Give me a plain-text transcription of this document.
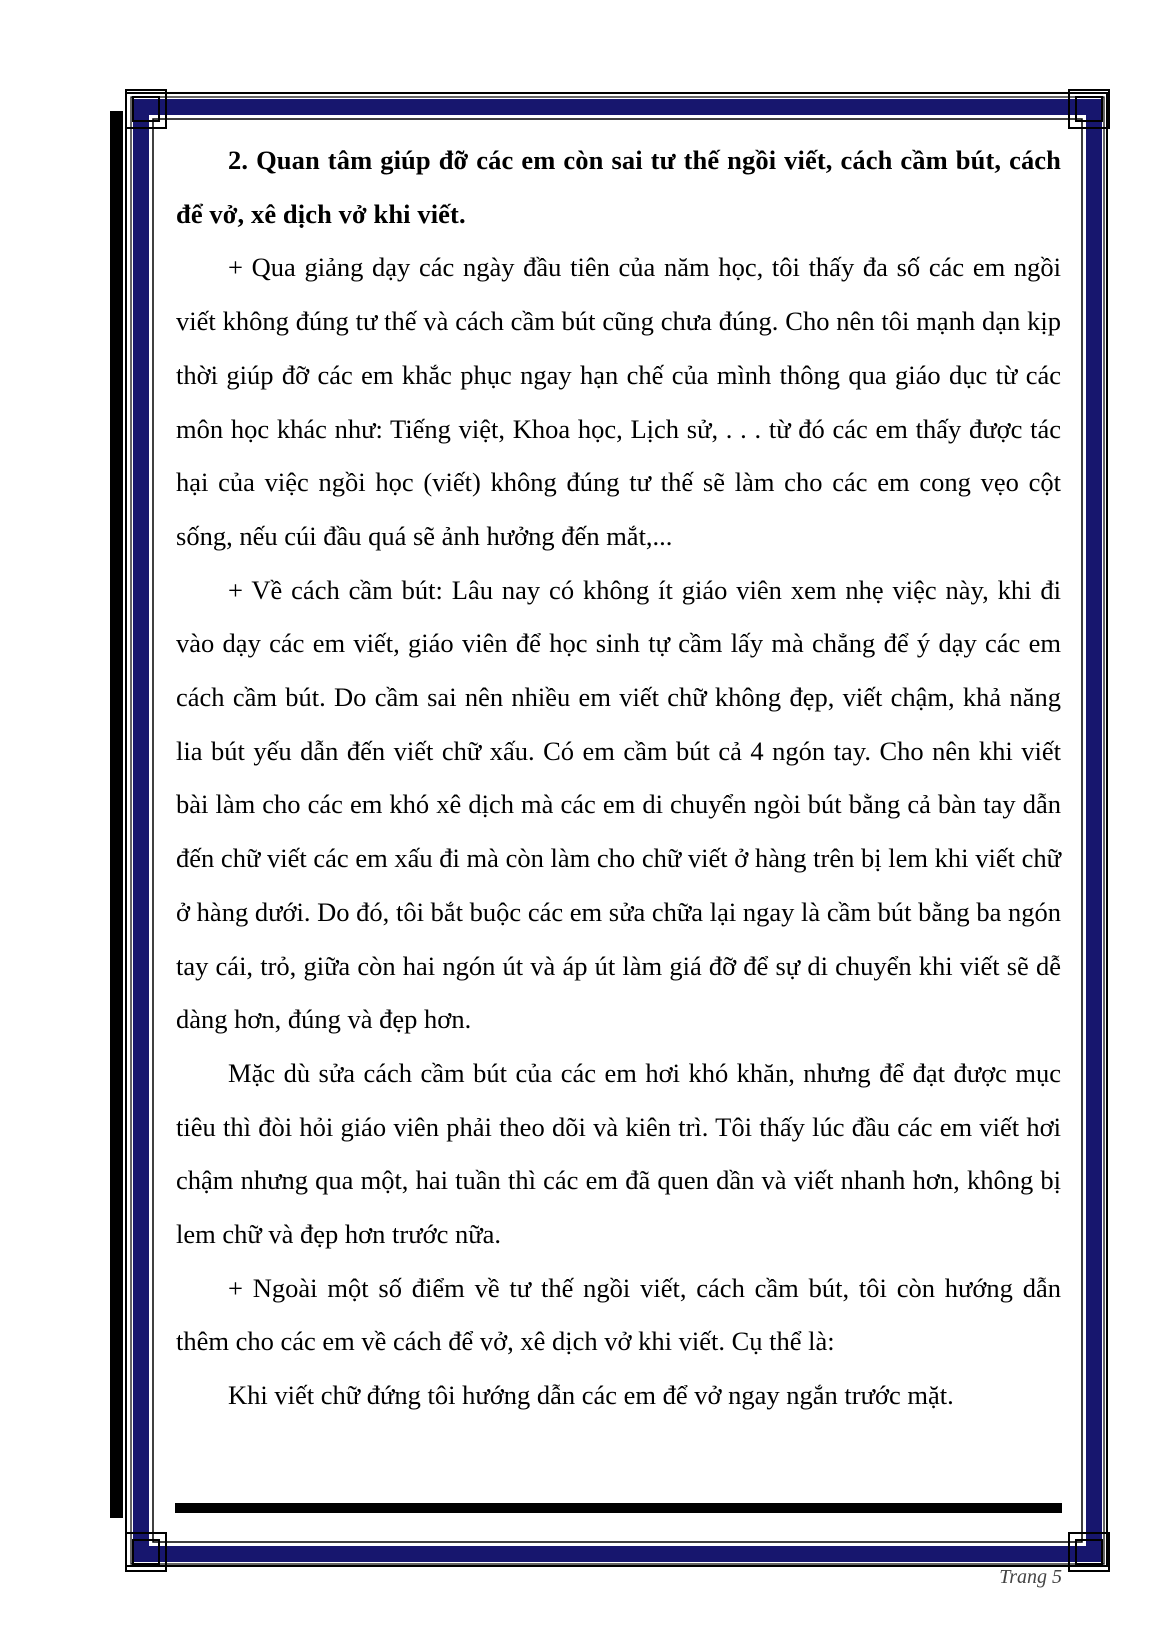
2. Quan tâm giúp đỡ các em còn sai tư thế ngồi viết, cách cầm bút, cách để vở, xê dịch vở khi viết.

+ Qua giảng dạy các ngày đầu tiên của năm học, tôi thấy đa số các em ngồi viết không đúng tư thế và cách cầm bút cũng chưa đúng. Cho nên tôi mạnh dạn kịp thời giúp đỡ các em khắc phục ngay hạn chế của mình thông qua giáo dục từ các môn học khác như: Tiếng việt, Khoa học, Lịch sử, . . . từ đó các em thấy được tác hại của việc ngồi học (viết) không đúng tư thế sẽ làm cho các em cong vẹo cột sống, nếu cúi đầu quá sẽ ảnh hưởng đến mắt,...

+ Về cách cầm bút: Lâu nay có không ít giáo viên xem nhẹ việc này, khi đi vào dạy các em viết, giáo viên để học sinh tự cầm lấy mà chẳng để ý dạy các em cách cầm bút. Do cầm sai nên nhiều em viết chữ không đẹp, viết chậm, khả năng lia bút yếu dẫn đến viết chữ xấu. Có em cầm bút cả 4 ngón tay. Cho nên khi viết bài làm cho các em khó xê dịch mà các em di chuyển ngòi bút bằng cả bàn tay dẫn đến chữ viết các em xấu đi mà còn làm cho chữ viết ở hàng trên bị lem khi viết chữ ở hàng dưới. Do đó, tôi bắt buộc các em sửa chữa lại ngay là cầm bút bằng ba ngón tay cái, trỏ, giữa còn hai ngón út và áp út làm giá đỡ để sự di chuyển khi viết sẽ dễ dàng hơn, đúng và đẹp hơn.

Mặc dù sửa cách cầm bút của các em hơi khó khăn, nhưng để đạt được mục tiêu thì đòi hỏi giáo viên phải theo dõi và kiên trì. Tôi thấy lúc đầu các em viết hơi chậm nhưng qua một, hai tuần thì các em đã quen dần và viết nhanh hơn, không bị lem chữ và đẹp hơn trước nữa.

+ Ngoài một số điểm về tư thế ngồi viết, cách cầm bút, tôi còn hướng dẫn thêm cho các em về cách để vở, xê dịch vở khi viết. Cụ thể là:

Khi viết chữ đứng tôi hướng dẫn các em để vở ngay ngắn trước mặt.

Trang 5
